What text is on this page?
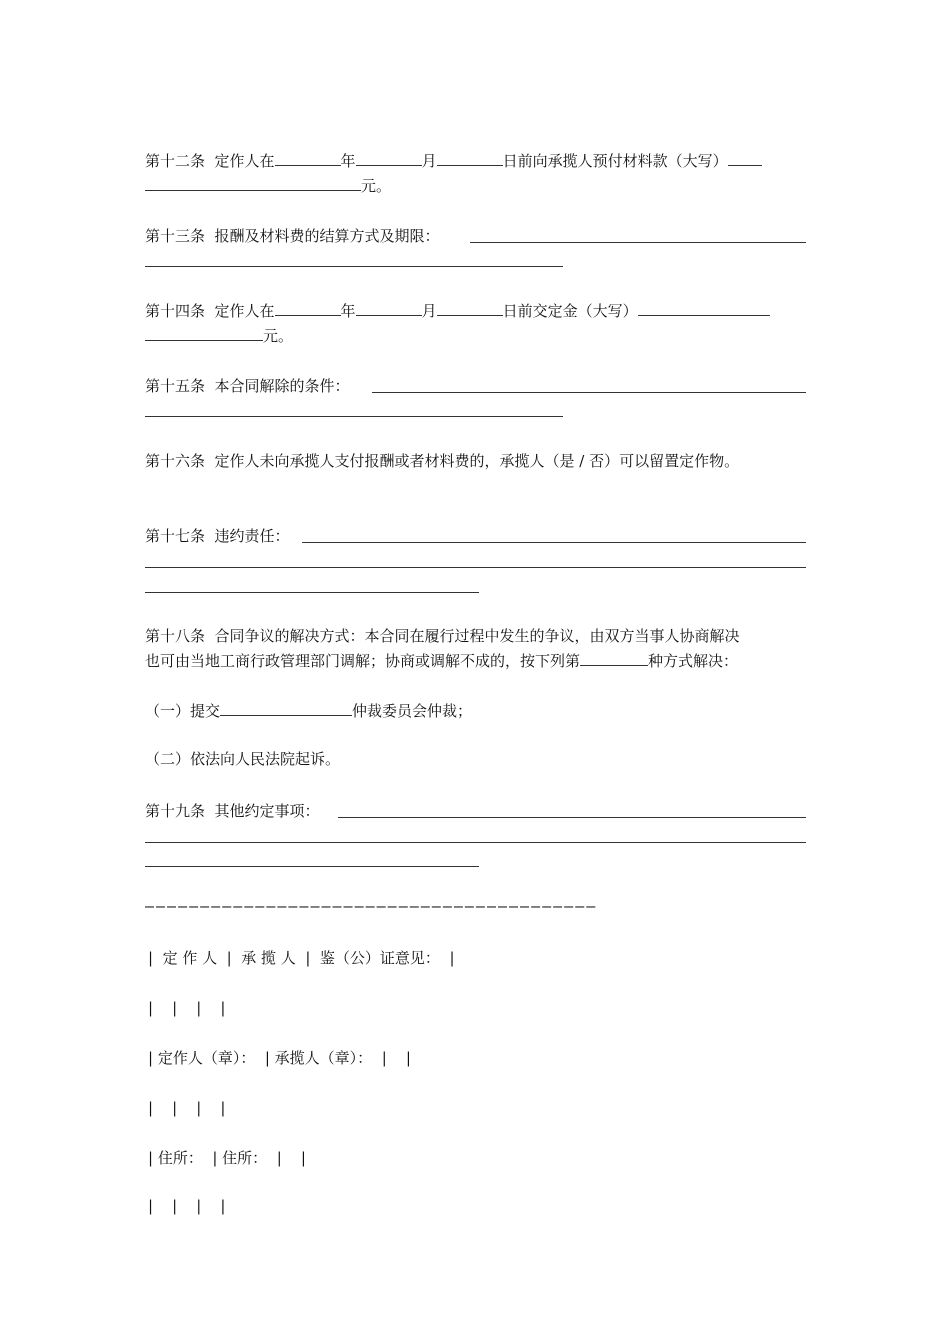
第十二条  定作人在	年	月	日前向承揽人预付材料款（大写）
元。
第十三条  报酬及材料费的结算方式及期限：
第十四条  定作人在	年	月	日前交定金（大写）
元。
第十五条  本合同解除的条件：
第十六条  定作人未向承揽人支付报酬或者材料费的，承揽人（是 / 否）可以留置定作物。
第十七条  违约责任：
第十八条  合同争议的解决方式：本合同在履行过程中发生的争议，由双方当事人协商解决
也可由当地工商行政管理部门调解；协商或调解不成的，按下列第	种方式解决：
（一）提交	仲裁委员会仲裁；
（二）依法向人民法院起诉。
第十九条  其他约定事项：
—————————————————————————————————————————
|  定 作 人  |  承 揽 人  |  鉴（公）证意见：  |
|    |    |    |
| 定作人（章）：  | 承揽人（章）：  |    |
|    |    |    |
| 住所：  | 住所：  |    |
|    |    |    |
